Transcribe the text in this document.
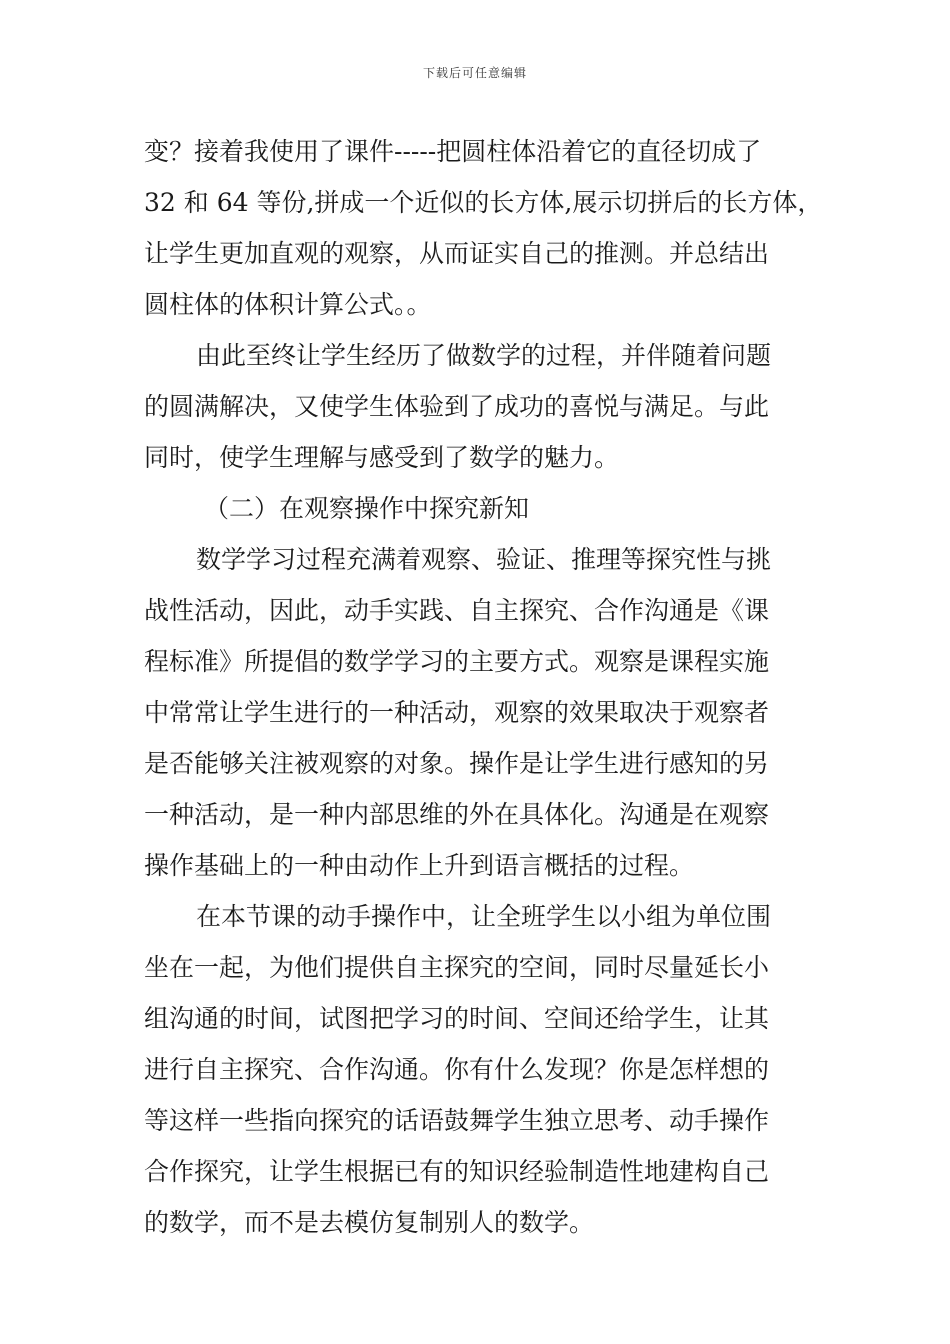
下载后可任意编辑
变？接着我使用了课件-----把圆柱体沿着它的直径切成了
32 和 64 等份,拼成一个近似的长方体,展示切拼后的长方体，
让学生更加直观的观察，从而证实自己的推测。并总结出
圆柱体的体积计算公式。。
由此至终让学生经历了做数学的过程，并伴随着问题
的圆满解决，又使学生体验到了成功的喜悦与满足。与此
同时，使学生理解与感受到了数学的魅力。
（二）在观察操作中探究新知
数学学习过程充满着观察、验证、推理等探究性与挑
战性活动，因此，动手实践、自主探究、合作沟通是《课
程标准》所提倡的数学学习的主要方式。观察是课程实施
中常常让学生进行的一种活动，观察的效果取决于观察者
是否能够关注被观察的对象。操作是让学生进行感知的另
一种活动，是一种内部思维的外在具体化。沟通是在观察
操作基础上的一种由动作上升到语言概括的过程。
在本节课的动手操作中，让全班学生以小组为单位围
坐在一起，为他们提供自主探究的空间，同时尽量延长小
组沟通的时间，试图把学习的时间、空间还给学生，让其
进行自主探究、合作沟通。你有什么发现？你是怎样想的
等这样一些指向探究的话语鼓舞学生独立思考、动手操作
合作探究，让学生根据已有的知识经验制造性地建构自己
的数学，而不是去模仿复制别人的数学。
